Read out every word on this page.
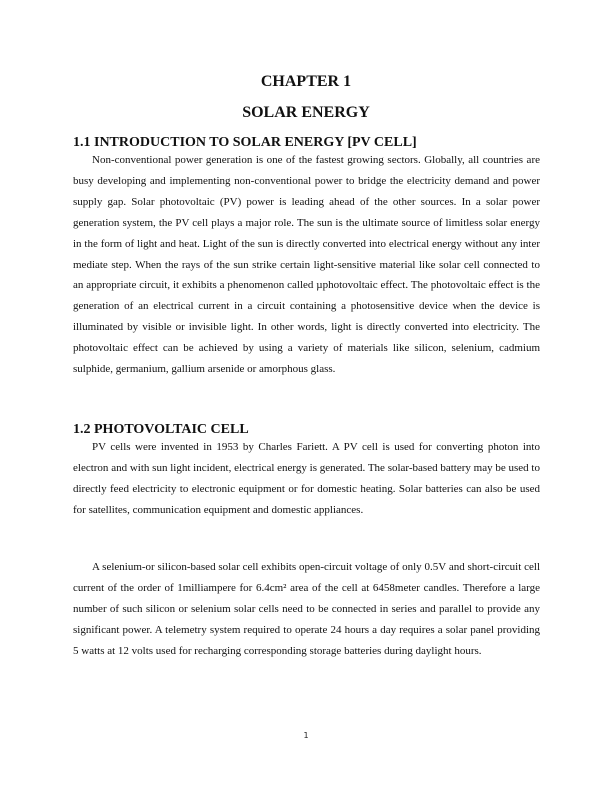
CHAPTER 1
SOLAR ENERGY
1.1 INTRODUCTION TO SOLAR ENERGY [PV CELL]

Non-conventional power generation is one of the fastest growing sectors. Globally, all countries are busy developing and implementing non-conventional power to bridge the electricity demand and power supply gap. Solar photovoltaic (PV) power is leading ahead of the other sources. In a solar power generation system, the PV cell plays a major role. The sun is the ultimate source of limitless solar energy in the form of light and heat. Light of the sun is directly converted into electrical energy without any inter mediate step. When the rays of the sun strike certain light-sensitive material like solar cell connected to an appropriate circuit, it exhibits a phenomenon called µphotovoltaic effect. The photovoltaic effect is the generation of an electrical current in a circuit containing a photosensitive device when the device is illuminated by visible or invisible light. In other words, light is directly converted into electricity. The photovoltaic effect can be achieved by using a variety of materials like silicon, selenium, cadmium sulphide, germanium, gallium arsenide or amorphous glass.

1.2 PHOTOVOLTAIC CELL

PV cells were invented in 1953 by Charles Fariett. A PV cell is used for converting photon into electron and with sun light incident, electrical energy is generated. The solar-based battery may be used to directly feed electricity to electronic equipment or for domestic heating. Solar batteries can also be used for satellites, communication equipment and domestic appliances.

A selenium-or silicon-based solar cell exhibits open-circuit voltage of only 0.5V and short-circuit cell current of the order of 1milliampere for 6.4cm² area of the cell at 6458meter candles. Therefore a large number of such silicon or selenium solar cells need to be connected in series and parallel to provide any significant power. A telemetry system required to operate 24 hours a day requires a solar panel providing 5 watts at 12 volts used for recharging corresponding storage batteries during daylight hours.

1
